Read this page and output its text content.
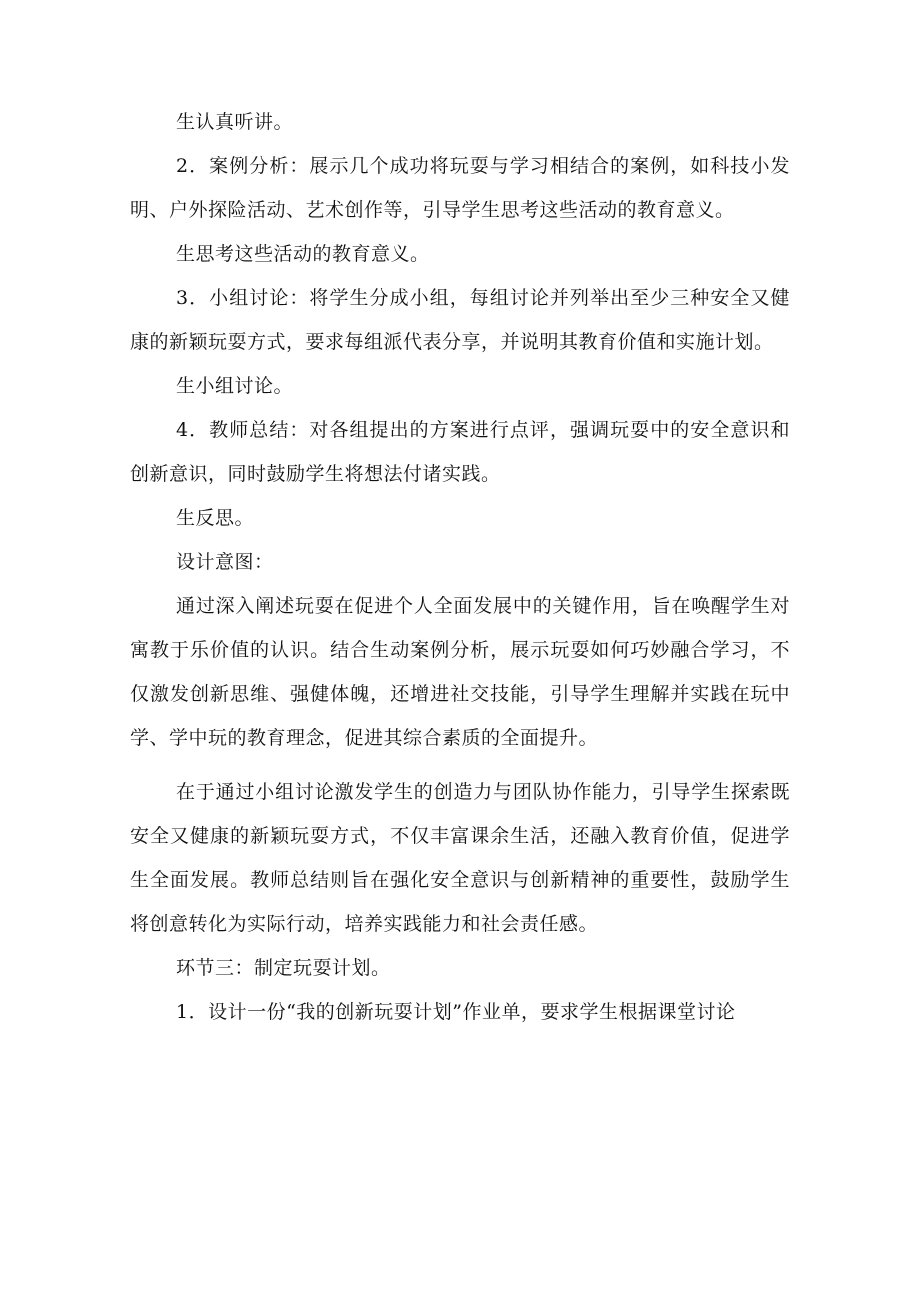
生认真听讲。

2．案例分析：展示几个成功将玩耍与学习相结合的案例，如科技小发明、户外探险活动、艺术创作等，引导学生思考这些活动的教育意义。

生思考这些活动的教育意义。

3．小组讨论：将学生分成小组，每组讨论并列举出至少三种安全又健康的新颖玩耍方式，要求每组派代表分享，并说明其教育价值和实施计划。

生小组讨论。

4．教师总结：对各组提出的方案进行点评，强调玩耍中的安全意识和创新意识，同时鼓励学生将想法付诸实践。

生反思。

设计意图：

通过深入阐述玩耍在促进个人全面发展中的关键作用，旨在唤醒学生对寓教于乐价值的认识。结合生动案例分析，展示玩耍如何巧妙融合学习，不仅激发创新思维、强健体魄，还增进社交技能，引导学生理解并实践在玩中学、学中玩的教育理念，促进其综合素质的全面提升。

在于通过小组讨论激发学生的创造力与团队协作能力，引导学生探索既安全又健康的新颖玩耍方式，不仅丰富课余生活，还融入教育价值，促进学生全面发展。教师总结则旨在强化安全意识与创新精神的重要性，鼓励学生将创意转化为实际行动，培养实践能力和社会责任感。

环节三：制定玩耍计划。

1．设计一份“我的创新玩耍计划”作业单，要求学生根据课堂讨论
